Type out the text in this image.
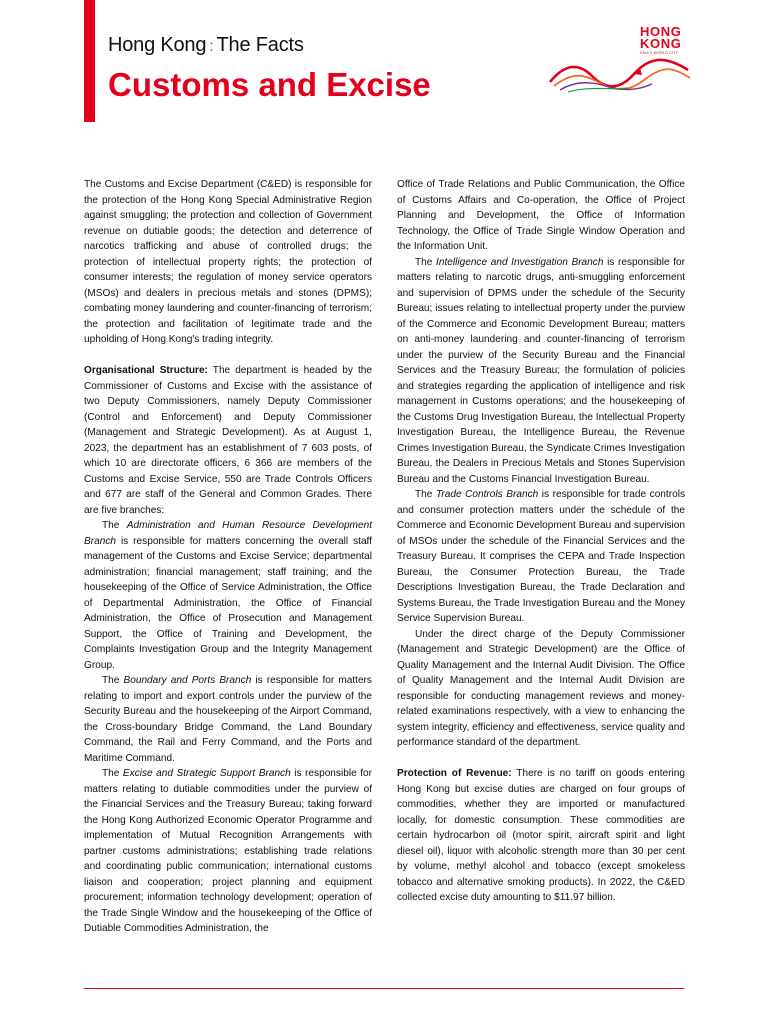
Hong Kong : The Facts
Customs and Excise
HONG
KONG
ASIA'S WORLD CITY

The Customs and Excise Department (C&ED) is responsible for the protection of the Hong Kong Special Administrative Region against smuggling; the protection and collection of Government revenue on dutiable goods; the detection and deterrence of narcotics trafficking and abuse of controlled drugs; the protection of intellectual property rights; the protection of consumer interests; the regulation of money service operators (MSOs) and dealers in precious metals and stones (DPMS); combating money laundering and counter-financing of terrorism; the protection and facilitation of legitimate trade and the upholding of Hong Kong's trading integrity.

Organisational Structure: The department is headed by the Commissioner of Customs and Excise with the assistance of two Deputy Commissioners, namely Deputy Commissioner (Control and Enforcement) and Deputy Commissioner (Management and Strategic Development). As at August 1, 2023, the department has an establishment of 7 603 posts, of which 10 are directorate officers, 6 366 are members of the Customs and Excise Service, 550 are Trade Controls Officers and 677 are staff of the General and Common Grades. There are five branches:

The Administration and Human Resource Development Branch is responsible for matters concerning the overall staff management of the Customs and Excise Service; departmental administration; financial management; staff training; and the housekeeping of the Office of Service Administration, the Office of Departmental Administration, the Office of Financial Administration, the Office of Prosecution and Management Support, the Office of Training and Development, the Complaints Investigation Group and the Integrity Management Group.

The Boundary and Ports Branch is responsible for matters relating to import and export controls under the purview of the Security Bureau and the housekeeping of the Airport Command, the Cross-boundary Bridge Command, the Land Boundary Command, the Rail and Ferry Command, and the Ports and Maritime Command.

The Excise and Strategic Support Branch is responsible for matters relating to dutiable commodities under the purview of the Financial Services and the Treasury Bureau; taking forward the Hong Kong Authorized Economic Operator Programme and implementation of Mutual Recognition Arrangements with partner customs administrations; establishing trade relations and coordinating public communication; international customs liaison and cooperation; project planning and equipment procurement; information technology development; operation of the Trade Single Window and the housekeeping of the Office of Dutiable Commodities Administration, the

Office of Trade Relations and Public Communication, the Office of Customs Affairs and Co-operation, the Office of Project Planning and Development, the Office of Information Technology, the Office of Trade Single Window Operation and the Information Unit.

The Intelligence and Investigation Branch is responsible for matters relating to narcotic drugs, anti-smuggling enforcement and supervision of DPMS under the schedule of the Security Bureau; issues relating to intellectual property under the purview of the Commerce and Economic Development Bureau; matters on anti-money laundering and counter-financing of terrorism under the purview of the Security Bureau and the Financial Services and the Treasury Bureau; the formulation of policies and strategies regarding the application of intelligence and risk management in Customs operations; and the housekeeping of the Customs Drug Investigation Bureau, the Intellectual Property Investigation Bureau, the Intelligence Bureau, the Revenue Crimes Investigation Bureau, the Syndicate Crimes Investigation Bureau, the Dealers in Precious Metals and Stones Supervision Bureau and the Customs Financial Investigation Bureau.

The Trade Controls Branch is responsible for trade controls and consumer protection matters under the schedule of the Commerce and Economic Development Bureau and supervision of MSOs under the schedule of the Financial Services and the Treasury Bureau. It comprises the CEPA and Trade Inspection Bureau, the Consumer Protection Bureau, the Trade Descriptions Investigation Bureau, the Trade Declaration and Systems Bureau, the Trade Investigation Bureau and the Money Service Supervision Bureau.

Under the direct charge of the Deputy Commissioner (Management and Strategic Development) are the Office of Quality Management and the Internal Audit Division. The Office of Quality Management and the Internal Audit Division are responsible for conducting management reviews and money-related examinations respectively, with a view to enhancing the system integrity, efficiency and effectiveness, service quality and performance standard of the department.

Protection of Revenue: There is no tariff on goods entering Hong Kong but excise duties are charged on four groups of commodities, whether they are imported or manufactured locally, for domestic consumption. These commodities are certain hydrocarbon oil (motor spirit, aircraft spirit and light diesel oil), liquor with alcoholic strength more than 30 per cent by volume, methyl alcohol and tobacco (except smokeless tobacco and alternative smoking products). In 2022, the C&ED collected excise duty amounting to $11.97 billion.
